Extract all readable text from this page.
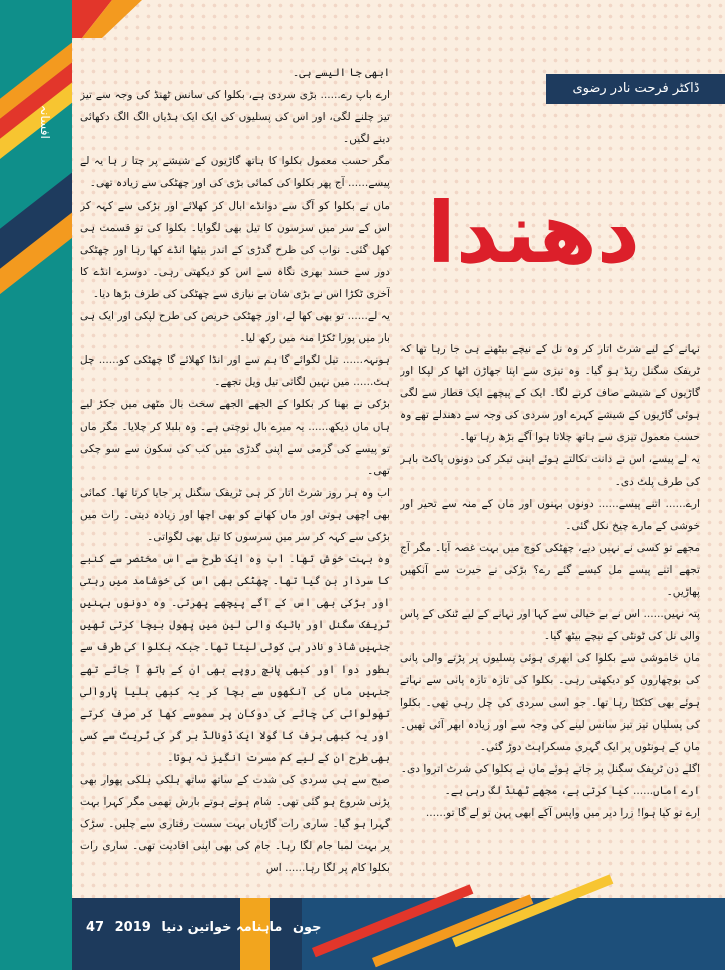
افسانہ
ڈاکٹر فرحت نادر رضوی
دھندا

ابھی جا الیسے ہی۔

ارے باپ رے...... بڑی سردی ہے، بکلوا کی سانس ٹھنڈ کی وجہ سے تیز تیز چلنے لگی، اور اس کی پسلیوں کی ایک ایک ہڈیاں الگ الگ دکھائی دینے لگیں۔

مگر حسب معمول بکلوا کا ہاتھ گاڑیوں کے شیشے پر چتا ر ہا یہ لے پیسے...... آج پھر بکلوا کی کمائی بڑی کی اور چھٹکی سے زیادہ تھی۔

ماں نے بکلوا کو آگ سے دوانڈے ابال کر کھلائے اور بڑکی سے کہہ کر اس کے سر میں سرسوں کا تیل بھی لگوایا۔ بکلوا کی تو قسمت ہی کھل گئی۔ نواب کی طرح گدڑی کے اندر بیٹھا انڈے کھا رہا اور چھٹکی دور سے حسد بھری نگاہ سے اس کو دیکھتی رہی۔ دوسرے انڈے کا آخری ٹکڑا اس نے بڑی شان بے نیازی سے چھٹکی کی طرف بڑھا دیا۔

یہ لے...... تو بھی کھا لے، اور چھٹکی حریص کی طرح لپکی اور ایک ہی بار میں پورا ٹکڑا منہ میں رکھ لیا۔

ہونہہ...... تیل لگوائے گا ہم سے اور انڈا کھلائے گا چھٹکی کو...... چل ہٹ...... میں نہیں لگاتی تیل ویل تجھے۔

بڑکی نے بھنا کر بکلوا کے الجھے الجھے سخت بال مٹھی میں جکڑ لیے ہاں ماں دیکھ...... یہ میرے بال نوچتی ہے۔ وہ بلبلا کر چلایا۔ مگر ماں تو پیسے کی گرمی سے اپنی گدڑی میں کب کی سکون سے سو چکی تھی۔

اب وہ ہر روز شرٹ اتار کر ہی ٹریفک سگنل پر جایا کرتا تھا۔ کمائی بھی اچھی ہوتی اور ماں کھانے کو بھی اچھا اور زیادہ دیتی۔ رات میں بڑکی سے کہہ کر سر میں سرسوں کا تیل بھی لگواتی۔

وہ بہت خوش تھا۔ اب وہ ایک طرح سے اس مختصر سے کنبے کا سردار بن گیا تھا۔ چھٹکی بھی اس کی خوشامد میں رہتی اور بڑکی بھی اس کے آگے پیچھے پھرتی۔ وہ دونوں بہنیں ٹریفک سگنل اور بائیک والی لین میں پھول بیچا کرتی تھیں جنہیں شاذ و نادر ہی کوئی لیتا تھا۔ جبکہ بکلوا کی طرف سے بطور دوا اور کبھی پانچ روپے بھی ان کے ہاتھ آ جاتے تھے جنہیں ماں کی آنکھوں سے بچا کر یہ کبھی بلیا پاروالی تھولوائی کی چائے کی دوکان پر سموسے کھا کر صرف کرتے اور یہ کبھی برف کا گولا ایک ڈونالڈ بر گر کی ٹریٹ سے کسی بھی طرح ان کے لیے کم مسرت انگیز نہ ہوتا۔

صبح سے ہی سردی کی شدت کے ساتھ ساتھ ہلکی ہلکی پھوار بھی پڑنی شروع ہو گئی تھی۔ شام ہوتے ہوتے بارش تھمی مگر کہرا بہت گہرا ہو گیا۔ ساری رات گاڑیاں بہت سست رفتاری سے چلیں۔ سڑک پر بہت لمبا جام لگا رہا۔ جام کی بھی اپنی افادیت تھی۔ ساری رات بکلوا کام پر لگا رہا...... اس

نہانے کے لیے شرٹ اتار کر وہ نل کے نیچے بیٹھنے ہی جا رہا تھا کہ ٹریفک سگنل ریڈ ہو گیا۔ وہ تیزی سے اپنا جھاڑن اٹھا کر لپکا اور گاڑیوں کے شیشے صاف کرنے لگا۔ ایک کے پیچھے ایک قطار سے لگی ہوئی گاڑیوں کے شیشے کہرے اور سردی کی وجہ سے دھندلے تھے وہ حسب معمول تیزی سے ہاتھ چلاتا ہوا آگے بڑھ رہا تھا۔

یہ لے پیسے، اس نے دانت نکالتے ہوئے اپنی نیکر کی دونوں پاکٹ باہر کی طرف پلٹ دی۔

ارے...... اتنے پیسے...... دونوں بہنوں اور ماں کے منہ سے تحیر اور خوشی کے مارے چیخ نکل گئی۔

مجھے تو کسی نے نہیں دیے، چھٹکی کوچ میں بہت غصہ آیا۔ مگر آج تجھے اتنے پیسے مل کیسے گئے رے؟ بڑکی نے حیرت سے آنکھیں پھاڑیں۔

پتہ نہیں...... اس نے بے خیالی سے کہا اور نہانے کے لیے ٹنکی کے پاس والی نل کی ٹونٹی کے نیچے بیٹھ گیا۔

ماں خاموشی سے بکلوا کی ابھری ہوئی پسلیوں پر پڑتے والی پانی کی بوچھاروں کو دیکھتی رہی۔ بکلوا کی تازہ تازہ پانی سے نہاتے ہوئے بھی کٹکٹا رہا تھا۔ جو اسی سردی کی چل رہی تھی۔ بکلوا کی پسلیاں تیز تیز سانس لینے کی وجہ سے اور زیادہ ابھر آئی تھیں۔ ماں کے ہونٹوں پر ایک گہری مسکراہٹ دوڑ گئی۔

اگلے دن ٹریفک سگنل پر جاتے ہوئے ماں نے بکلوا کی شرٹ اتروا دی۔

ارے اماں...... کیا کرتی ہے، مجھے ٹھنڈ لگ رہی ہے۔

ارے تو کیا ہوا! زرا دیر میں واپس آکے ابھی پہن تو لے گا تو......

47 2019	جون ماہنامہ خواتین دنیا
